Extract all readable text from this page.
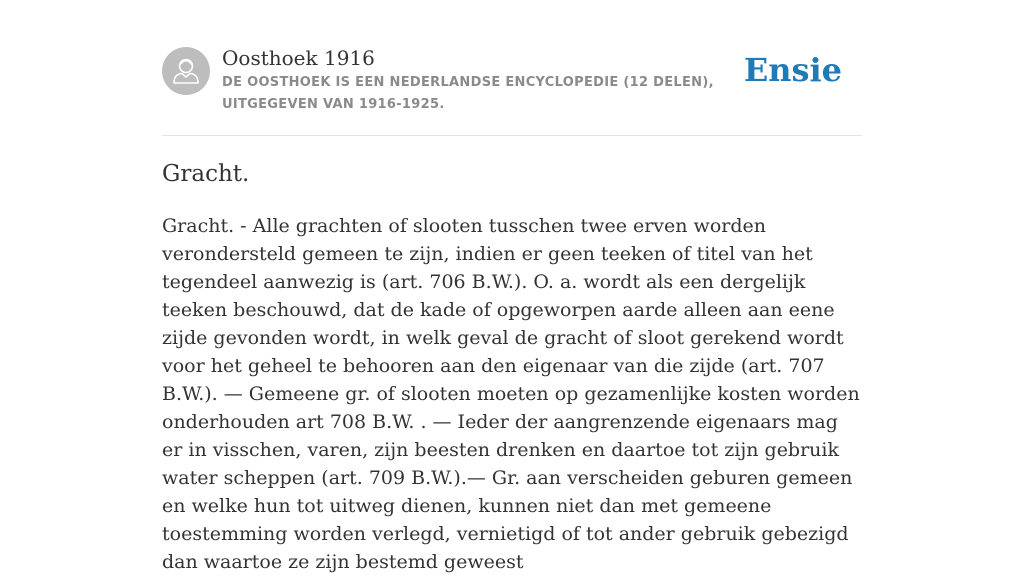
Oosthoek 1916
DE OOSTHOEK IS EEN NEDERLANDSE ENCYCLOPEDIE (12 DELEN), UITGEGEVEN VAN 1916-1925.
Ensie
Gracht.

Gracht. - Alle grachten of slooten tusschen twee erven worden verondersteld gemeen te zijn, indien er geen teeken of titel van het tegendeel aanwezig is (art. 706 B.W.). O. a. wordt als een dergelijk teeken beschouwd, dat de kade of opgeworpen aarde alleen aan eene zijde gevonden wordt, in welk geval de gracht of sloot gerekend wordt voor het geheel te behooren aan den eigenaar van die zijde (art. 707 B.W.). — Gemeene gr. of slooten moeten op gezamenlijke kosten worden onderhouden art 708 B.W. . — Ieder der aangrenzende eigenaars mag er in visschen, varen, zijn beesten drenken en daartoe tot zijn gebruik water scheppen (art. 709 B.W.).— Gr. aan verscheiden geburen gemeen en welke hun tot uitweg dienen, kunnen niet dan met gemeene toestemming worden verlegd, vernietigd of tot ander gebruik gebezigd dan waartoe ze zijn bestemd geweest
